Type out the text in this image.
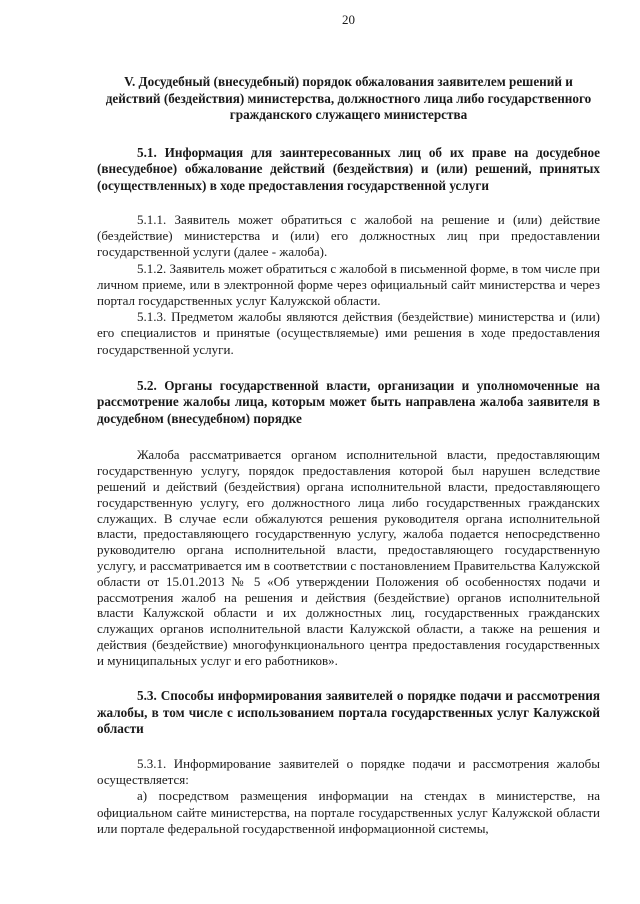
20
V. Досудебный (внесудебный) порядок обжалования заявителем решений и действий (бездействия) министерства, должностного лица либо государственного гражданского служащего министерства
5.1. Информация для заинтересованных лиц об их праве на досудебное (внесудебное) обжалование действий (бездействия) и (или) решений, принятых (осуществленных) в ходе предоставления государственной услуги

5.1.1. Заявитель может обратиться с жалобой на решение и (или) действие (бездействие) министерства и (или) его должностных лиц при предоставлении государственной услуги (далее - жалоба).

5.1.2. Заявитель может обратиться с жалобой в письменной форме, в том числе при личном приеме, или в электронной форме через официальный сайт министерства и через портал государственных услуг Калужской области.

5.1.3. Предметом жалобы являются действия (бездействие) министерства и (или) его специалистов и принятые (осуществляемые) ими решения в ходе предоставления государственной услуги.

5.2. Органы государственной власти, организации и уполномоченные на рассмотрение жалобы лица, которым может быть направлена жалоба заявителя в досудебном (внесудебном) порядке

Жалоба рассматривается органом исполнительной власти, предоставляющим государственную услугу, порядок предоставления которой был нарушен вследствие решений и действий (бездействия) органа исполнительной власти, предоставляющего государственную услугу, его должностного лица либо государственных гражданских служащих. В случае если обжалуются решения руководителя органа исполнительной власти, предоставляющего государственную услугу, жалоба подается непосредственно руководителю органа исполнительной власти, предоставляющего государственную услугу, и рассматривается им в соответствии с постановлением Правительства Калужской области от 15.01.2013 № 5 «Об утверждении Положения об особенностях подачи и рассмотрения жалоб на решения и действия (бездействие) органов исполнительной власти Калужской области и их должностных лиц, государственных гражданских служащих органов исполнительной власти Калужской области, а также на решения и действия (бездействие) многофункционального центра предоставления государственных и муниципальных услуг и его работников».

5.3. Способы информирования заявителей о порядке подачи и рассмотрения жалобы, в том числе с использованием портала государственных услуг Калужской области

5.3.1. Информирование заявителей о порядке подачи и рассмотрения жалобы осуществляется:

а) посредством размещения информации на стендах в министерстве, на официальном сайте министерства, на портале государственных услуг Калужской области или портале федеральной государственной информационной системы,
